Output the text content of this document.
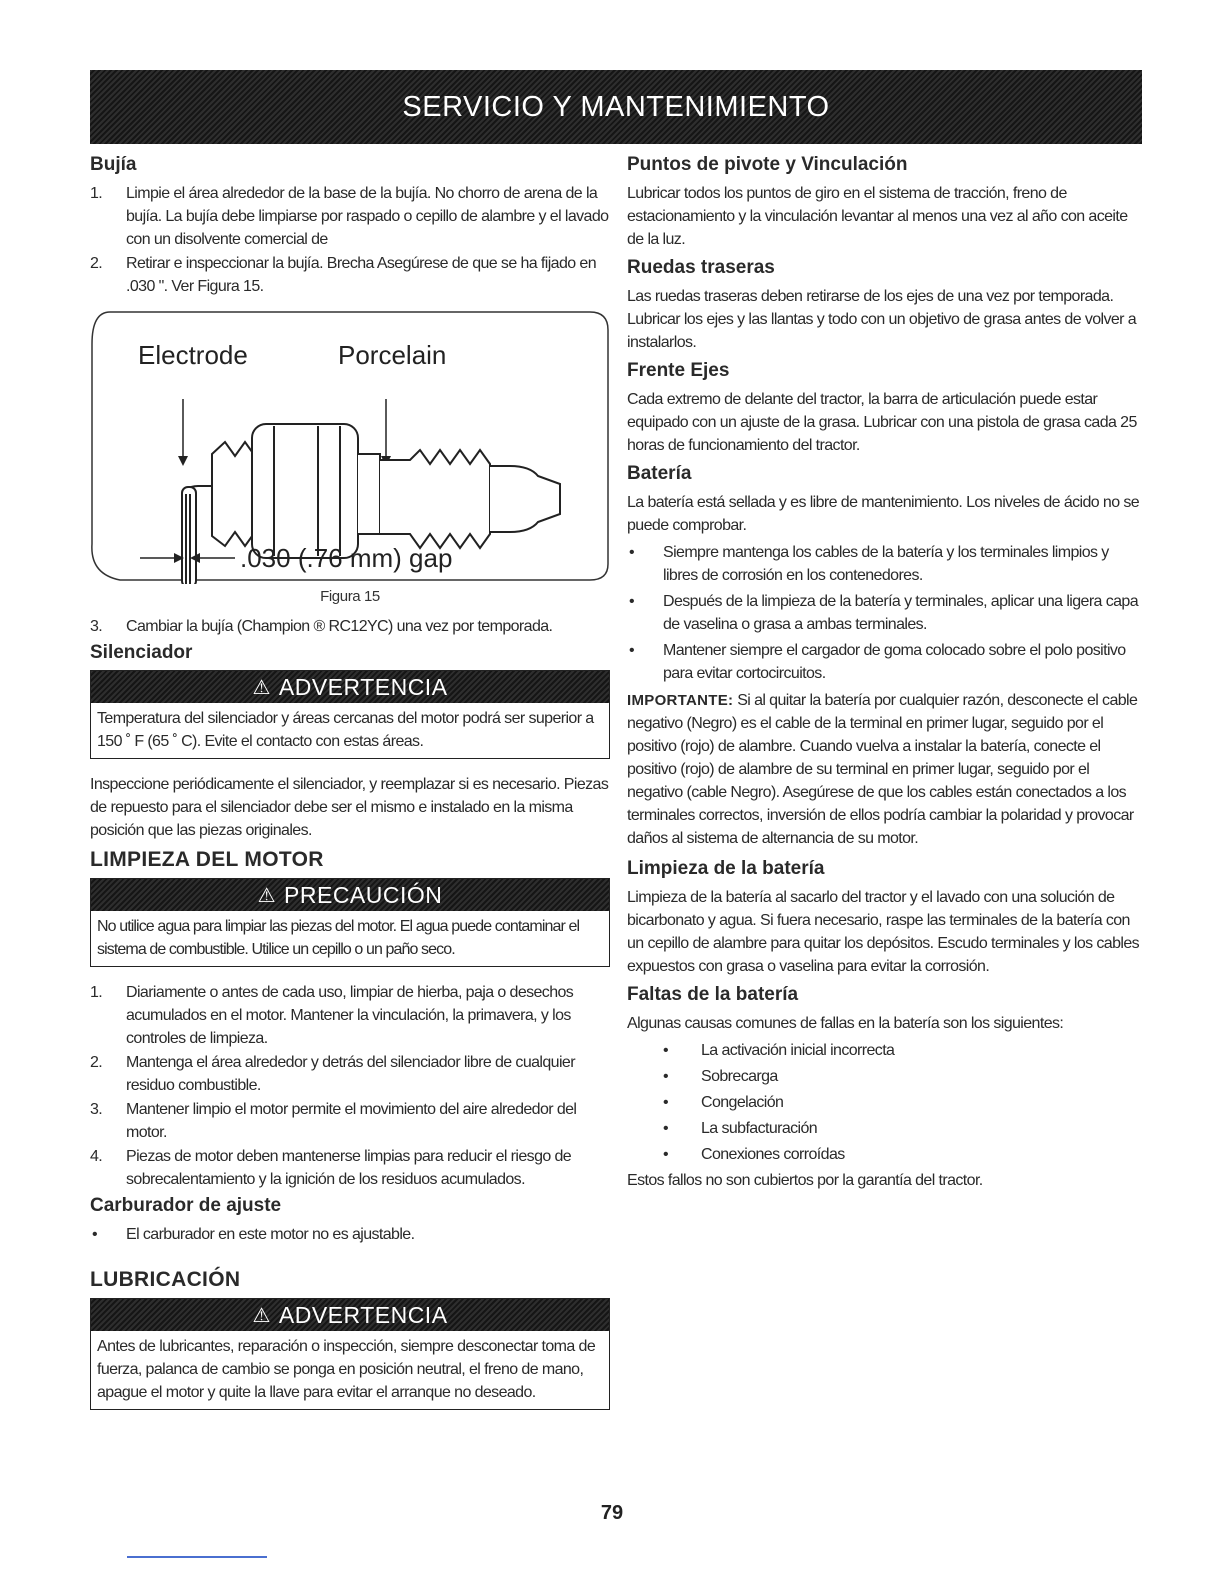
SERVICIO Y MANTENIMIENTO
Bujía
1.	Limpie el área alrededor de la base de la bujía. No chorro de arena de la bujía. La bujía debe limpiarse por raspado o cepillo de alambre y el lavado con un disolvente comercial de
2.	Retirar e inspeccionar la bujía. Brecha Asegúrese de que se ha fijado en .030 ". Ver Figura 15.
Electrode	Porcelain
.030 (.76 mm) gap
Figura 15
3.	Cambiar la bujía (Champion ® RC12YC) una vez por temporada.
Silenciador
⚠ ADVERTENCIA
Temperatura del silenciador y áreas cercanas del motor podrá ser superior a 150 ˚ F (65 ˚ C). Evite el contacto con estas áreas.
Inspeccione periódicamente el silenciador, y reemplazar si es necesario. Piezas de repuesto para el silenciador debe ser el mismo e instalado en la misma posición que las piezas originales.
LIMPIEZA DEL MOTOR
⚠ PRECAUCIÓN
No utilice agua para limpiar las piezas del motor. El agua puede contaminar el sistema de combustible. Utilice un cepillo o un paño seco.
1.	Diariamente o antes de cada uso, limpiar de hierba, paja o desechos acumulados en el motor. Mantener la vinculación, la primavera, y los controles de limpieza.
2.	Mantenga el área alrededor y detrás del silenciador libre de cualquier residuo combustible.
3.	Mantener limpio el motor permite el movimiento del aire alrededor del motor.
4.	Piezas de motor deben mantenerse limpias para reducir el riesgo de sobrecalentamiento y la ignición de los residuos acumulados.
Carburador de ajuste
•	El carburador en este motor no es ajustable.
LUBRICACIÓN
⚠ ADVERTENCIA
Antes de lubricantes, reparación o inspección, siempre desconectar toma de fuerza, palanca de cambio se ponga en posición neutral, el freno de mano, apague el motor y quite la llave para evitar el arranque no deseado.
Puntos de pivote y Vinculación
Lubricar todos los puntos de giro en el sistema de tracción, freno de estacionamiento y la vinculación levantar al menos una vez al año con aceite de la luz.
Ruedas traseras
Las ruedas traseras deben retirarse de los ejes de una vez por temporada. Lubricar los ejes y las llantas y todo con un objetivo de grasa antes de volver a instalarlos.
Frente Ejes
Cada extremo de delante del tractor, la barra de articulación puede estar equipado con un ajuste de la grasa. Lubricar con una pistola de grasa cada 25 horas de funcionamiento del tractor.
Batería
La batería está sellada y es libre de mantenimiento. Los niveles de ácido no se puede comprobar.
•	Siempre mantenga los cables de la batería y los terminales limpios y libres de corrosión en los contenedores.
•	Después de la limpieza de la batería y terminales, aplicar una ligera capa de vaselina o grasa a ambas terminales.
•	Mantener siempre el cargador de goma colocado sobre el polo positivo para evitar cortocircuitos.
IMPORTANTE: Si al quitar la batería por cualquier razón, desconecte el cable negativo (Negro) es el cable de la terminal en primer lugar, seguido por el positivo (rojo) de alambre. Cuando vuelva a instalar la batería, conecte el positivo (rojo) de alambre de su terminal en primer lugar, seguido por el negativo (cable Negro). Asegúrese de que los cables están conectados a los terminales correctos, inversión de ellos podría cambiar la polaridad y provocar daños al sistema de alternancia de su motor.
Limpieza de la batería
Limpieza de la batería al sacarlo del tractor y el lavado con una solución de bicarbonato y agua. Si fuera necesario, raspe las terminales de la batería con un cepillo de alambre para quitar los depósitos. Escudo terminales y los cables expuestos con grasa o vaselina para evitar la corrosión.
Faltas de la batería
Algunas causas comunes de fallas en la batería son los siguientes:
•	La activación inicial incorrecta
•	Sobrecarga
•	Congelación
•	La subfacturación
•	Conexiones corroídas
Estos fallos no son cubiertos por la garantía del tractor.
79
